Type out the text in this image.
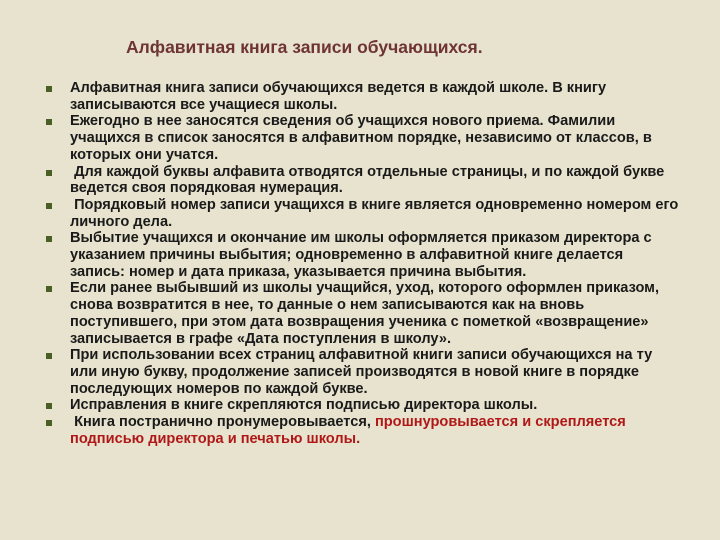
Алфавитная книга записи обучающихся.
Алфавитная книга записи обучающихся ведется в каждой школе. В книгу записываются все учащиеся школы.
Ежегодно в нее заносятся сведения об учащихся нового приема. Фамилии учащихся в список заносятся в алфавитном порядке, независимо от классов, в которых они учатся.
Для каждой буквы алфавита отводятся отдельные страницы, и по каждой букве ведется своя порядковая нумерация.
Порядковый номер записи учащихся в книге является одновременно номером его личного дела.
Выбытие учащихся и окончание им школы оформляется приказом директора с указанием причины выбытия; одновременно в алфавитной книге делается запись: номер и дата приказа, указывается причина выбытия.
Если ранее выбывший из школы учащийся, уход, которого оформлен приказом, снова возвратится в нее, то данные о нем записываются как на вновь поступившего, при этом дата возвращения ученика с пометкой «возвращение» записывается в графе «Дата поступления в школу».
При использовании всех страниц алфавитной книги записи обучающихся на ту или иную букву, продолжение записей производятся в новой книге в порядке последующих номеров по каждой букве.
Исправления в книге скрепляются подписью директора школы.
Книга постранично пронумеровывается, прошнуровывается и скрепляется подписью директора и печатью школы.
